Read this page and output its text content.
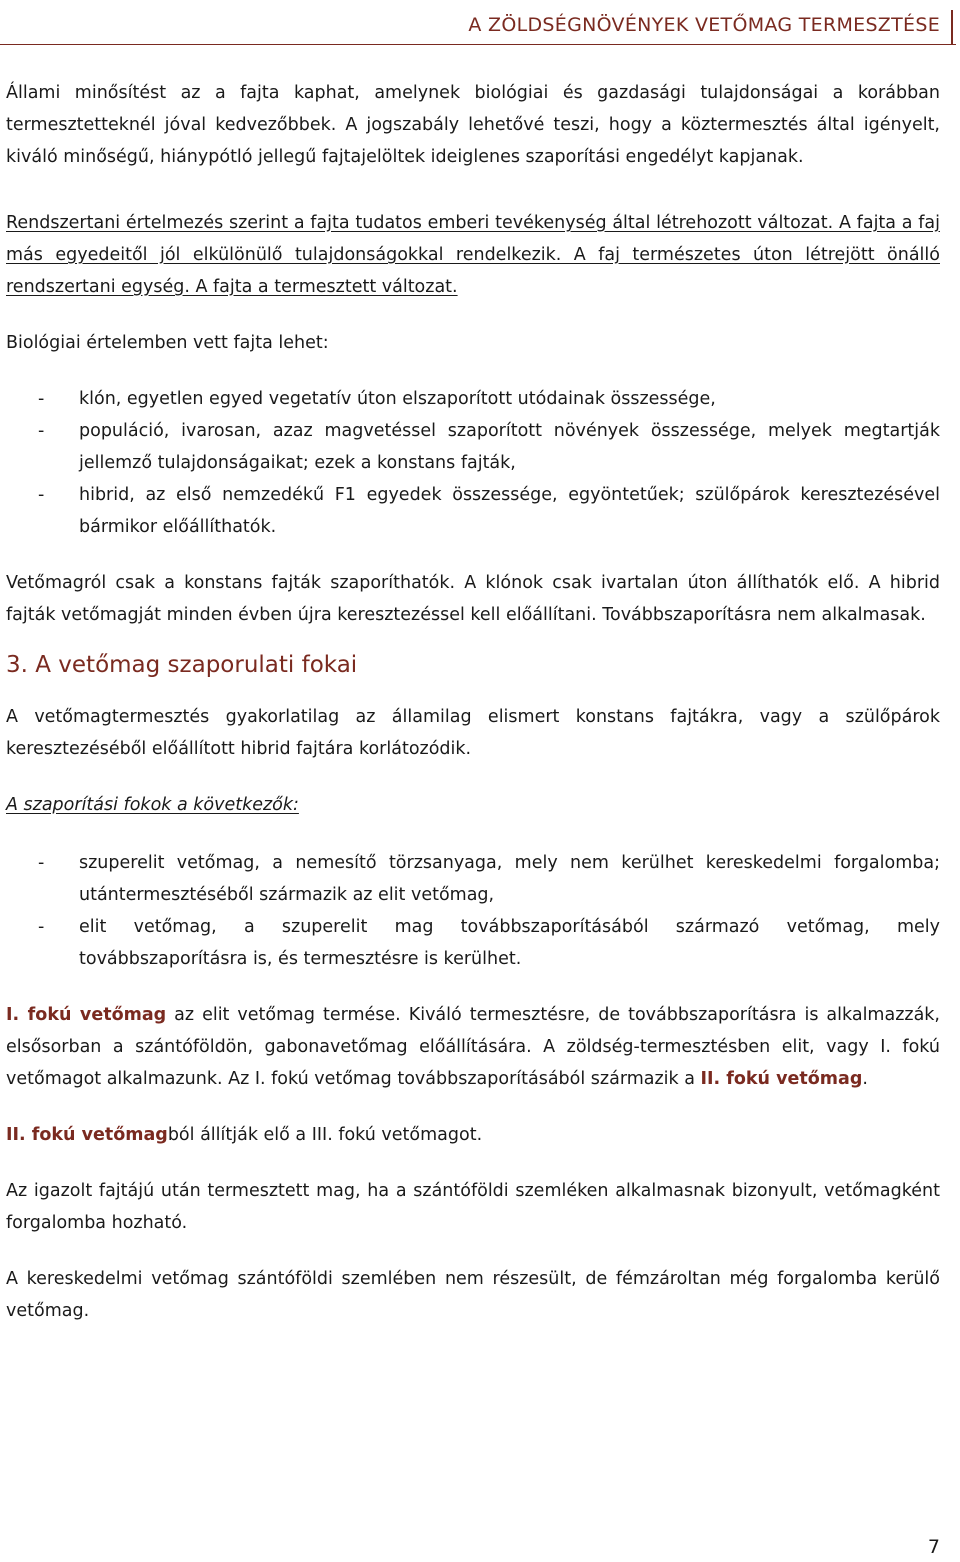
A ZÖLDSÉGNÖVÉNYEK VETŐMAG TERMESZTÉSE

Állami minősítést az a fajta kaphat, amelynek biológiai és gazdasági tulajdonságai a korábban termesztetteknél jóval kedvezőbbek. A jogszabály lehetővé teszi, hogy a köztermesztés által igényelt, kiváló minőségű, hiánypótló jellegű fajtajelöltek ideiglenes szaporítási engedélyt kapjanak.

Rendszertani értelmezés szerint a fajta tudatos emberi tevékenység által létrehozott változat. A fajta a faj más egyedeitől jól elkülönülő tulajdonságokkal rendelkezik. A faj természetes úton létrejött önálló rendszertani egység. A fajta a termesztett változat.

Biológiai értelemben vett fajta lehet:

- klón, egyetlen egyed vegetatív úton elszaporított utódainak összessége,
- populáció, ivarosan, azaz magvetéssel szaporított növények összessége, melyek megtartják jellemző tulajdonságaikat; ezek a konstans fajták,
- hibrid, az első nemzedékű F1 egyedek összessége, egyöntetűek; szülőpárok keresztezésével bármikor előállíthatók.

Vetőmagról csak a konstans fajták szaporíthatók. A klónok csak ivartalan úton állíthatók elő. A hibrid fajták vetőmagját minden évben újra keresztezéssel kell előállítani. Továbbszaporításra nem alkalmasak.

3. A vetőmag szaporulati fokai

A vetőmagtermesztés gyakorlatilag az államilag elismert konstans fajtákra, vagy a szülőpárok keresztezéséből előállított hibrid fajtára korlátozódik.

A szaporítási fokok a következők:

- szuperelit vetőmag, a nemesítő törzsanyaga, mely nem kerülhet kereskedelmi forgalomba; utántermesztéséből származik az elit vetőmag,
- elit vetőmag, a szuperelit mag továbbszaporításából származó vetőmag, mely továbbszaporításra is, és termesztésre is kerülhet.

I. fokú vetőmag az elit vetőmag termése. Kiváló termesztésre, de továbbszaporításra is alkalmazzák, elsősorban a szántóföldön, gabonavetőmag előállítására. A zöldség-termesztésben elit, vagy I. fokú vetőmagot alkalmazunk. Az I. fokú vetőmag továbbszaporításából származik a II. fokú vetőmag.

II. fokú vetőmagból állítják elő a III. fokú vetőmagot.

Az igazolt fajtájú után termesztett mag, ha a szántóföldi szemléken alkalmasnak bizonyult, vetőmagként forgalomba hozható.

A kereskedelmi vetőmag szántóföldi szemlében nem részesült, de fémzároltan még forgalomba kerülő vetőmag.

7
